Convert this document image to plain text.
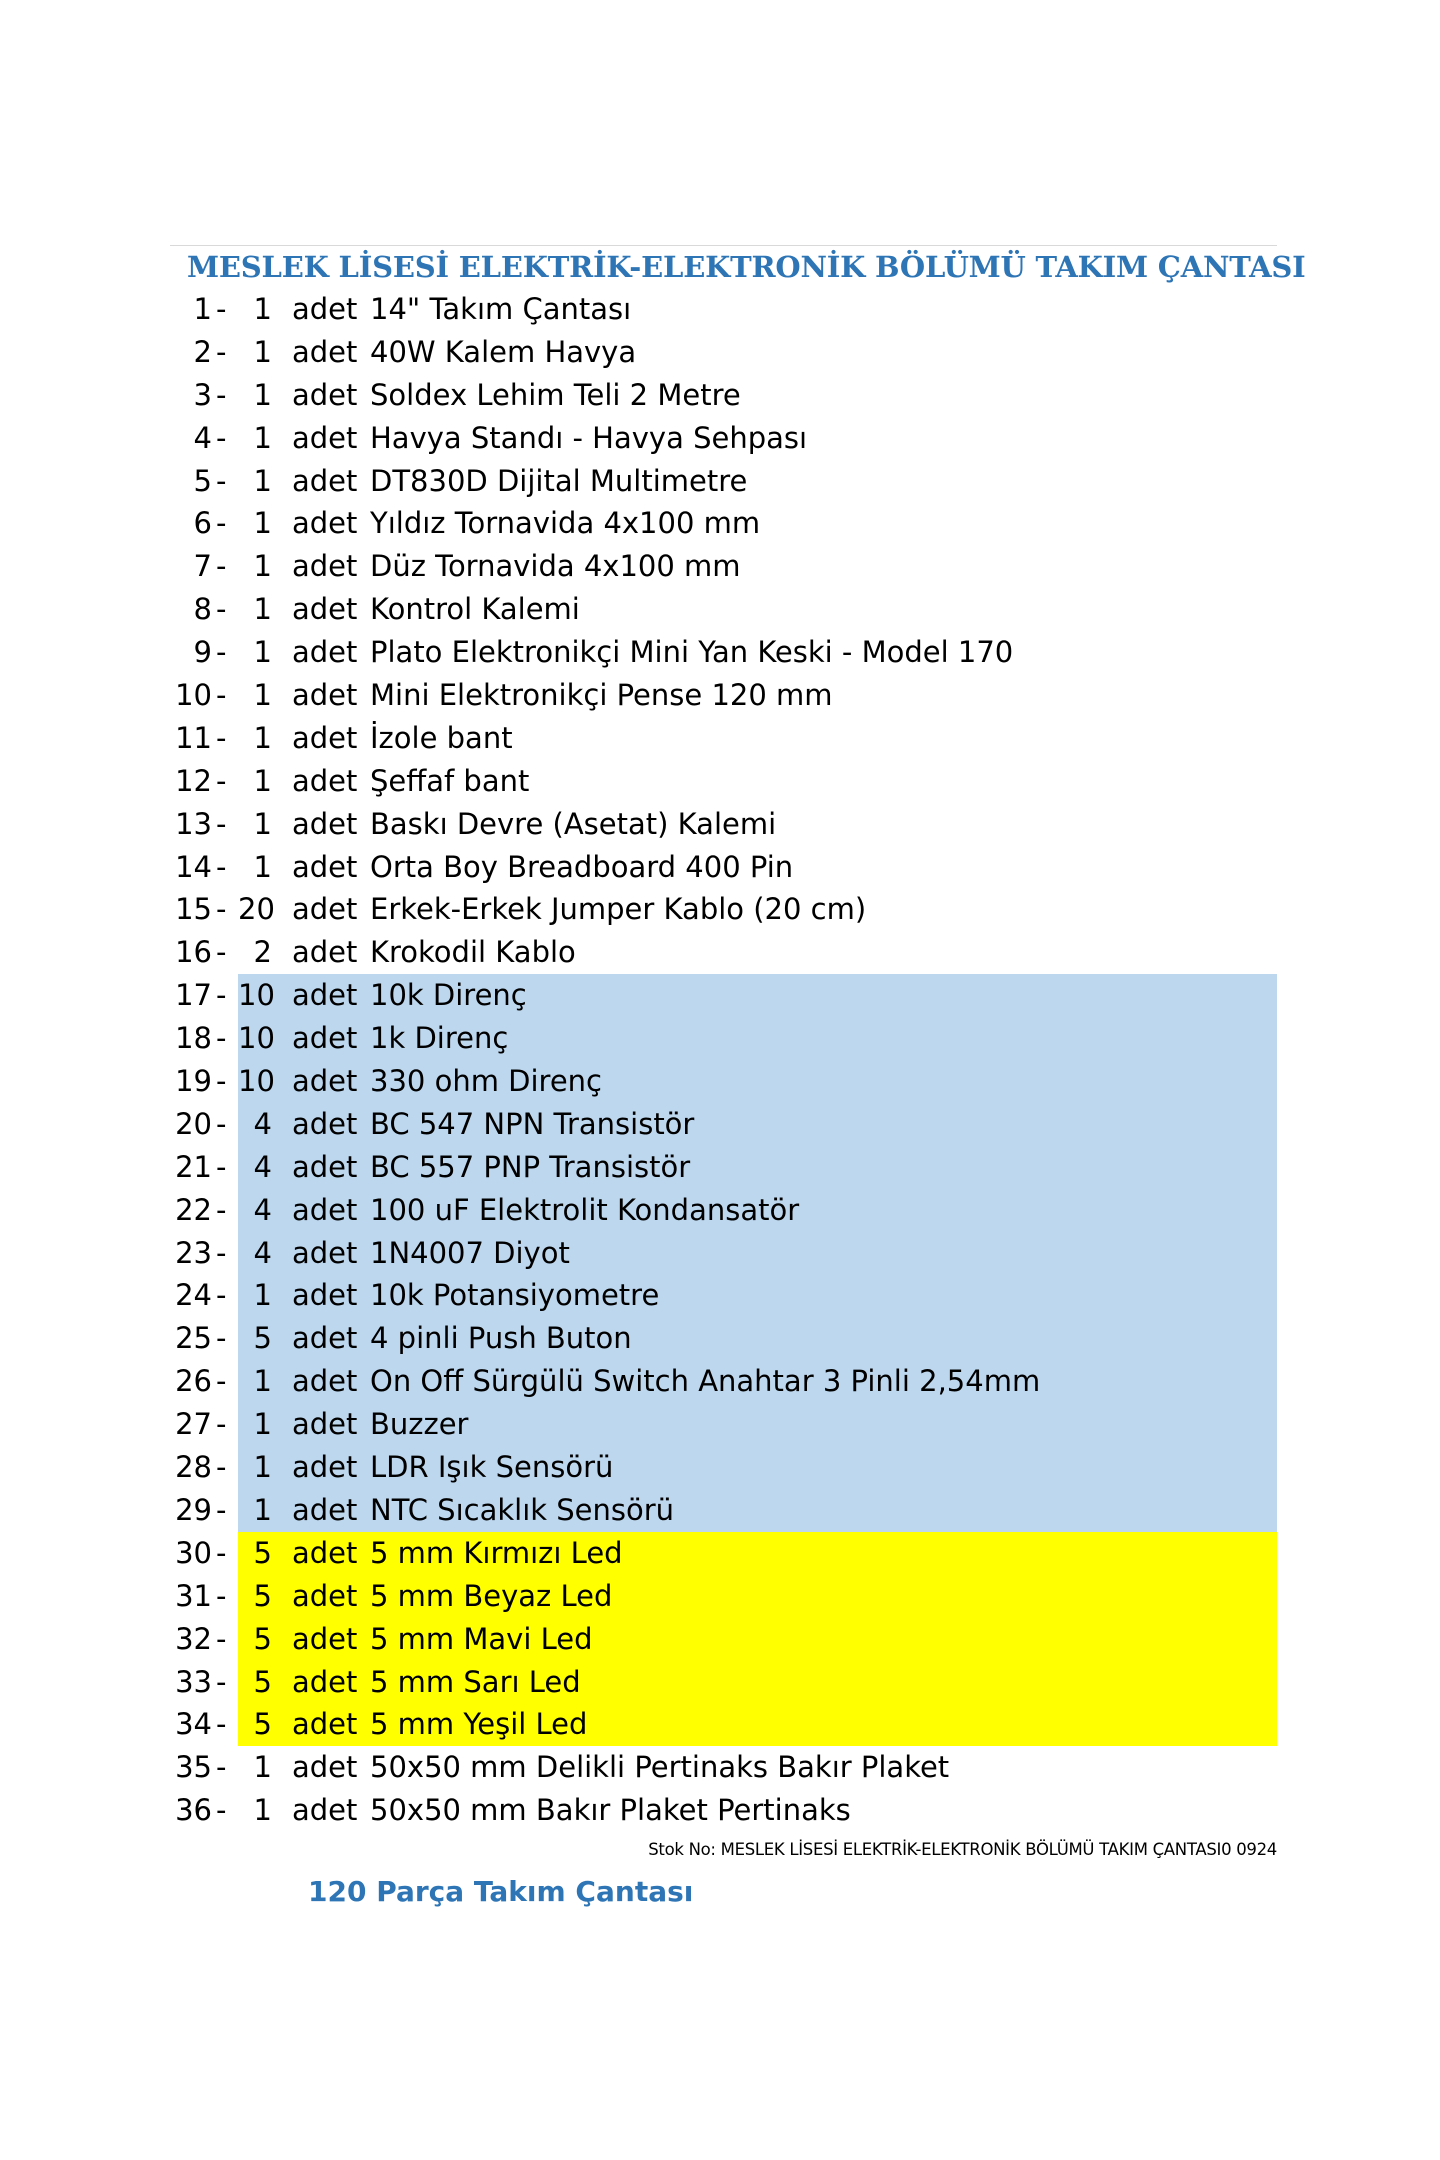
MESLEK LİSESİ ELEKTRİK-ELEKTRONİK BÖLÜMÜ TAKIM ÇANTASI
1 - 1 adet 14" Takım Çantası
2 - 1 adet 40W Kalem Havya
3 - 1 adet Soldex Lehim Teli 2 Metre
4 - 1 adet Havya Standı - Havya Sehpası
5 - 1 adet DT830D Dijital Multimetre
6 - 1 adet Yıldız Tornavida 4x100 mm
7 - 1 adet Düz Tornavida 4x100 mm
8 - 1 adet Kontrol Kalemi
9 - 1 adet Plato Elektronikçi Mini Yan Keski - Model 170
10 - 1 adet Mini Elektronikçi Pense 120 mm
11 - 1 adet İzole bant
12 - 1 adet Şeffaf bant
13 - 1 adet Baskı Devre (Asetat) Kalemi
14 - 1 adet Orta Boy Breadboard 400 Pin
15 - 20 adet Erkek-Erkek Jumper Kablo (20 cm)
16 - 2 adet Krokodil Kablo
17 - 10 adet 10k Direnç
18 - 10 adet 1k Direnç
19 - 10 adet 330 ohm Direnç
20 - 4 adet BC 547 NPN Transistör
21 - 4 adet BC 557 PNP Transistör
22 - 4 adet 100 uF Elektrolit Kondansatör
23 - 4 adet 1N4007 Diyot
24 - 1 adet 10k Potansiyometre
25 - 5 adet 4 pinli Push Buton
26 - 1 adet On Off Sürgülü Switch Anahtar 3 Pinli 2,54mm
27 - 1 adet Buzzer
28 - 1 adet LDR Işık Sensörü
29 - 1 adet NTC Sıcaklık Sensörü
30 - 5 adet 5 mm Kırmızı Led
31 - 5 adet 5 mm Beyaz Led
32 - 5 adet 5 mm Mavi Led
33 - 5 adet 5 mm Sarı Led
34 - 5 adet 5 mm Yeşil Led
35 - 1 adet 50x50 mm Delikli Pertinaks Bakır Plaket
36 - 1 adet 50x50 mm Bakır Plaket Pertinaks
Stok No: MESLEK LİSESİ ELEKTRİK-ELEKTRONİK BÖLÜMÜ TAKIM ÇANTASI0 0924
120 Parça Takım Çantası
